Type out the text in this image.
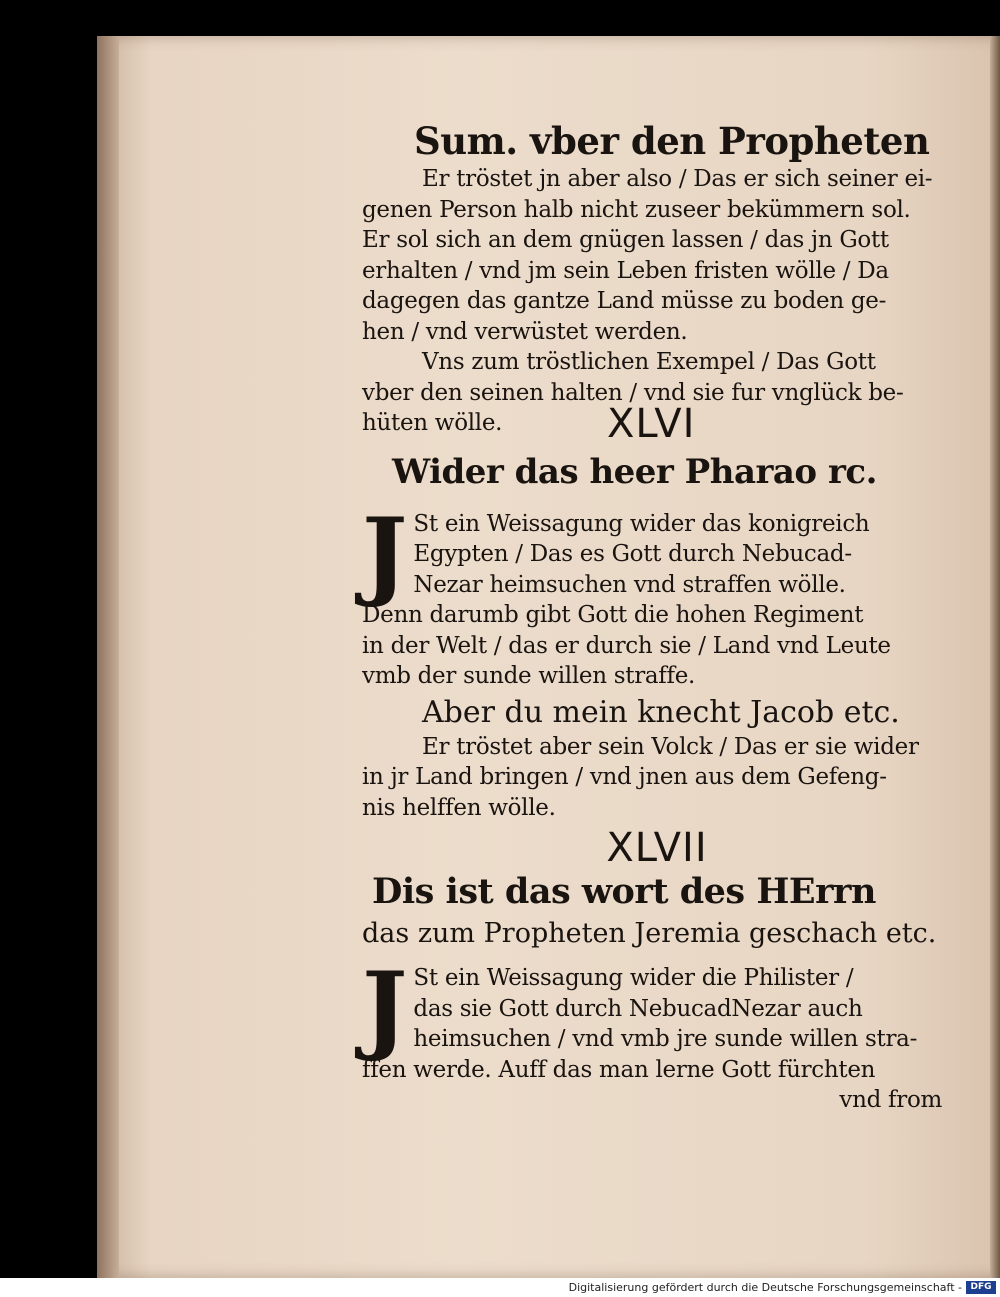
Sum. vber den Propheten
Er tröstet jn aber also / Das er sich seiner ei-
genen Person halb nicht zuseer bekümmern sol.
Er sol sich an dem gnügen lassen / das jn Gott
erhalten / vnd jm sein Leben fristen wölle / Da
dagegen das gantze Land müsse zu boden ge-
hen / vnd verwüstet werden.
Vns zum tröstlichen Exempel / Das Gott
vber den seinen halten / vnd sie fur vnglück be-
hüten wölle.	XLVI
Wider das heer Pharao rc.
J St ein Weissagung wider das konigreich
Egypten / Das es Gott durch Nebucad-
Nezar heimsuchen vnd straffen wölle.
Denn darumb gibt Gott die hohen Regiment
in der Welt / das er durch sie / Land vnd Leute
vmb der sunde willen straffe.
Aber du mein knecht Jacob etc.
Er tröstet aber sein Volck / Das er sie wider
in jr Land bringen / vnd jnen aus dem Gefeng-
nis helffen wölle.
XLVII
Dis ist das wort des HErrn
das zum Propheten Jeremia geschach etc.
J St ein Weissagung wider die Philister /
das sie Gott durch NebucadNezar auch
heimsuchen / vnd vmb jre sunde willen stra-
ffen werde. Auff das man lerne Gott fürchten
vnd from
Digitalisierung gefördert durch die Deutsche Forschungsgemeinschaft - DFG
